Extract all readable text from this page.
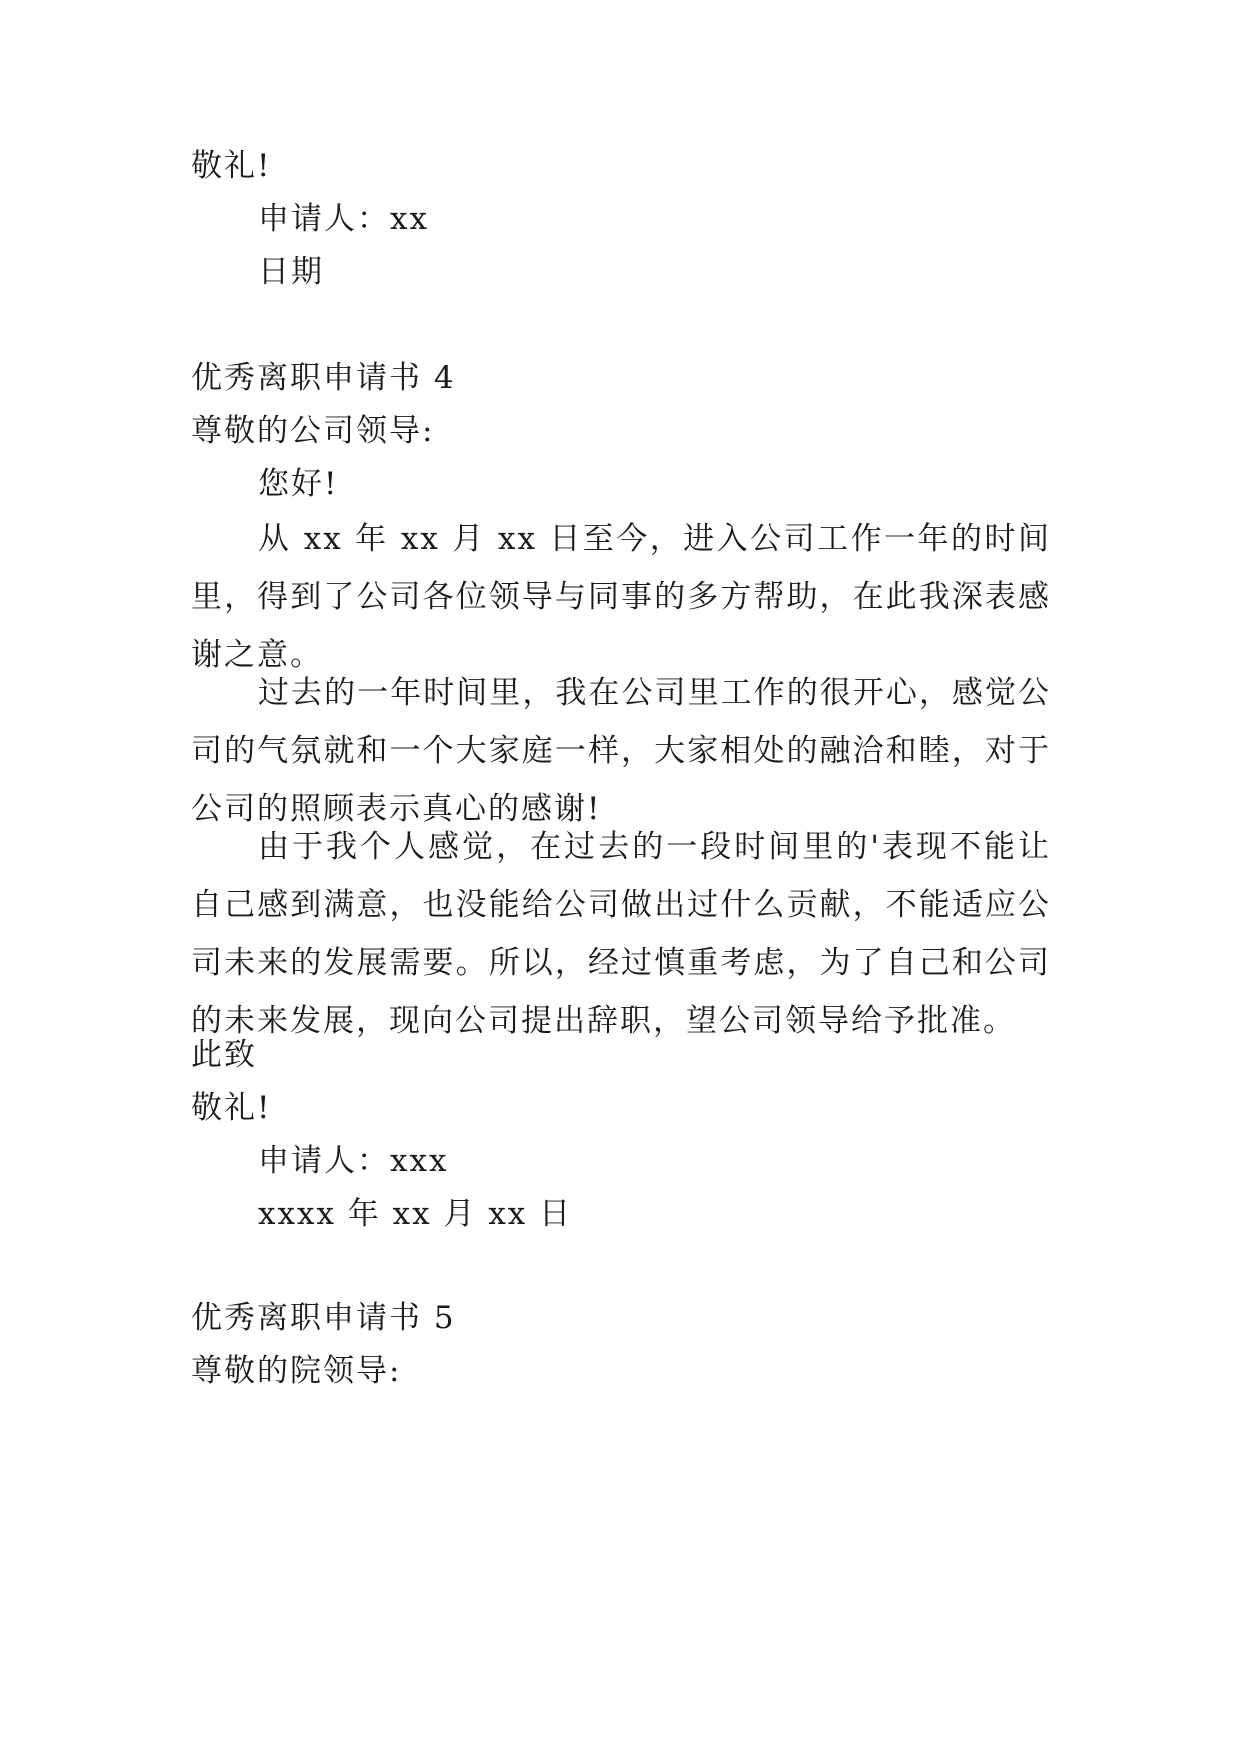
敬礼!
申请人：xx
日期
优秀离职申请书 4
尊敬的公司领导:
您好!
从 xx 年 xx 月 xx 日至今，进入公司工作一年的时间里，得到了公司各位领导与同事的多方帮助，在此我深表感谢之意。
过去的一年时间里，我在公司里工作的很开心，感觉公司的气氛就和一个大家庭一样，大家相处的融洽和睦，对于公司的照顾表示真心的感谢!
由于我个人感觉，在过去的一段时间里的'表现不能让自己感到满意，也没能给公司做出过什么贡献，不能适应公司未来的发展需要。所以，经过慎重考虑，为了自己和公司的未来发展，现向公司提出辞职，望公司领导给予批准。
此致
敬礼!
申请人：xxx
xxxx 年 xx 月 xx 日
优秀离职申请书 5
尊敬的院领导:
